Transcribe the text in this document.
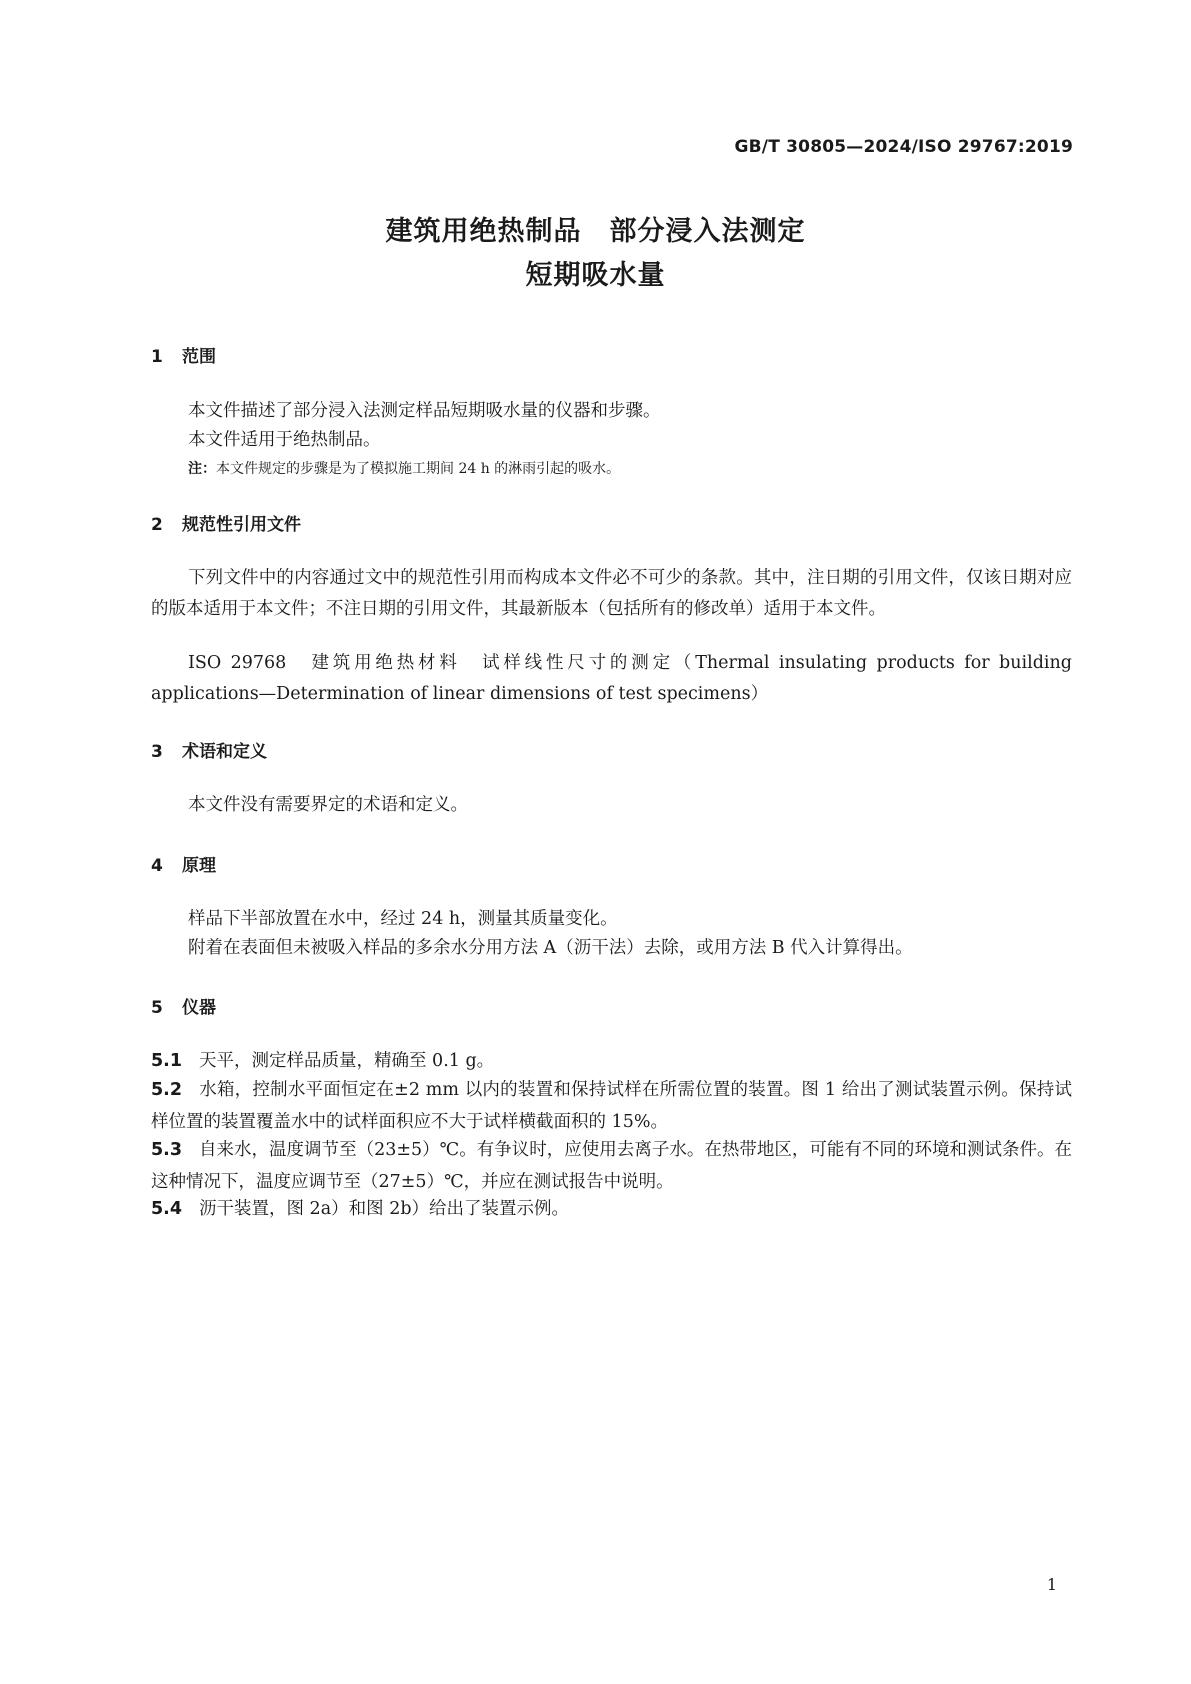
GB/T 30805—2024/ISO 29767:2019
建筑用绝热制品　部分浸入法测定
短期吸水量
1 范围
本文件描述了部分浸入法测定样品短期吸水量的仪器和步骤。
本文件适用于绝热制品。
注：本文件规定的步骤是为了模拟施工期间 24 h 的淋雨引起的吸水。
2 规范性引用文件
下列文件中的内容通过文中的规范性引用而构成本文件必不可少的条款。其中，注日期的引用文件，仅该日期对应的版本适用于本文件；不注日期的引用文件，其最新版本（包括所有的修改单）适用于本文件。
ISO 29768　建筑用绝热材料　试样线性尺寸的测定（Thermal insulating products for building applications—Determination of linear dimensions of test specimens）
3 术语和定义
本文件没有需要界定的术语和定义。
4 原理
样品下半部放置在水中，经过 24 h，测量其质量变化。
附着在表面但未被吸入样品的多余水分用方法 A（沥干法）去除，或用方法 B 代入计算得出。
5 仪器
5.1 天平，测定样品质量，精确至 0.1 g。
5.2 水箱，控制水平面恒定在±2 mm 以内的装置和保持试样在所需位置的装置。图 1 给出了测试装置示例。保持试样位置的装置覆盖水中的试样面积应不大于试样横截面积的 15%。
5.3 自来水，温度调节至（23±5）℃。有争议时，应使用去离子水。在热带地区，可能有不同的环境和测试条件。在这种情况下，温度应调节至（27±5）℃，并应在测试报告中说明。
5.4 沥干装置，图 2a）和图 2b）给出了装置示例。
1
